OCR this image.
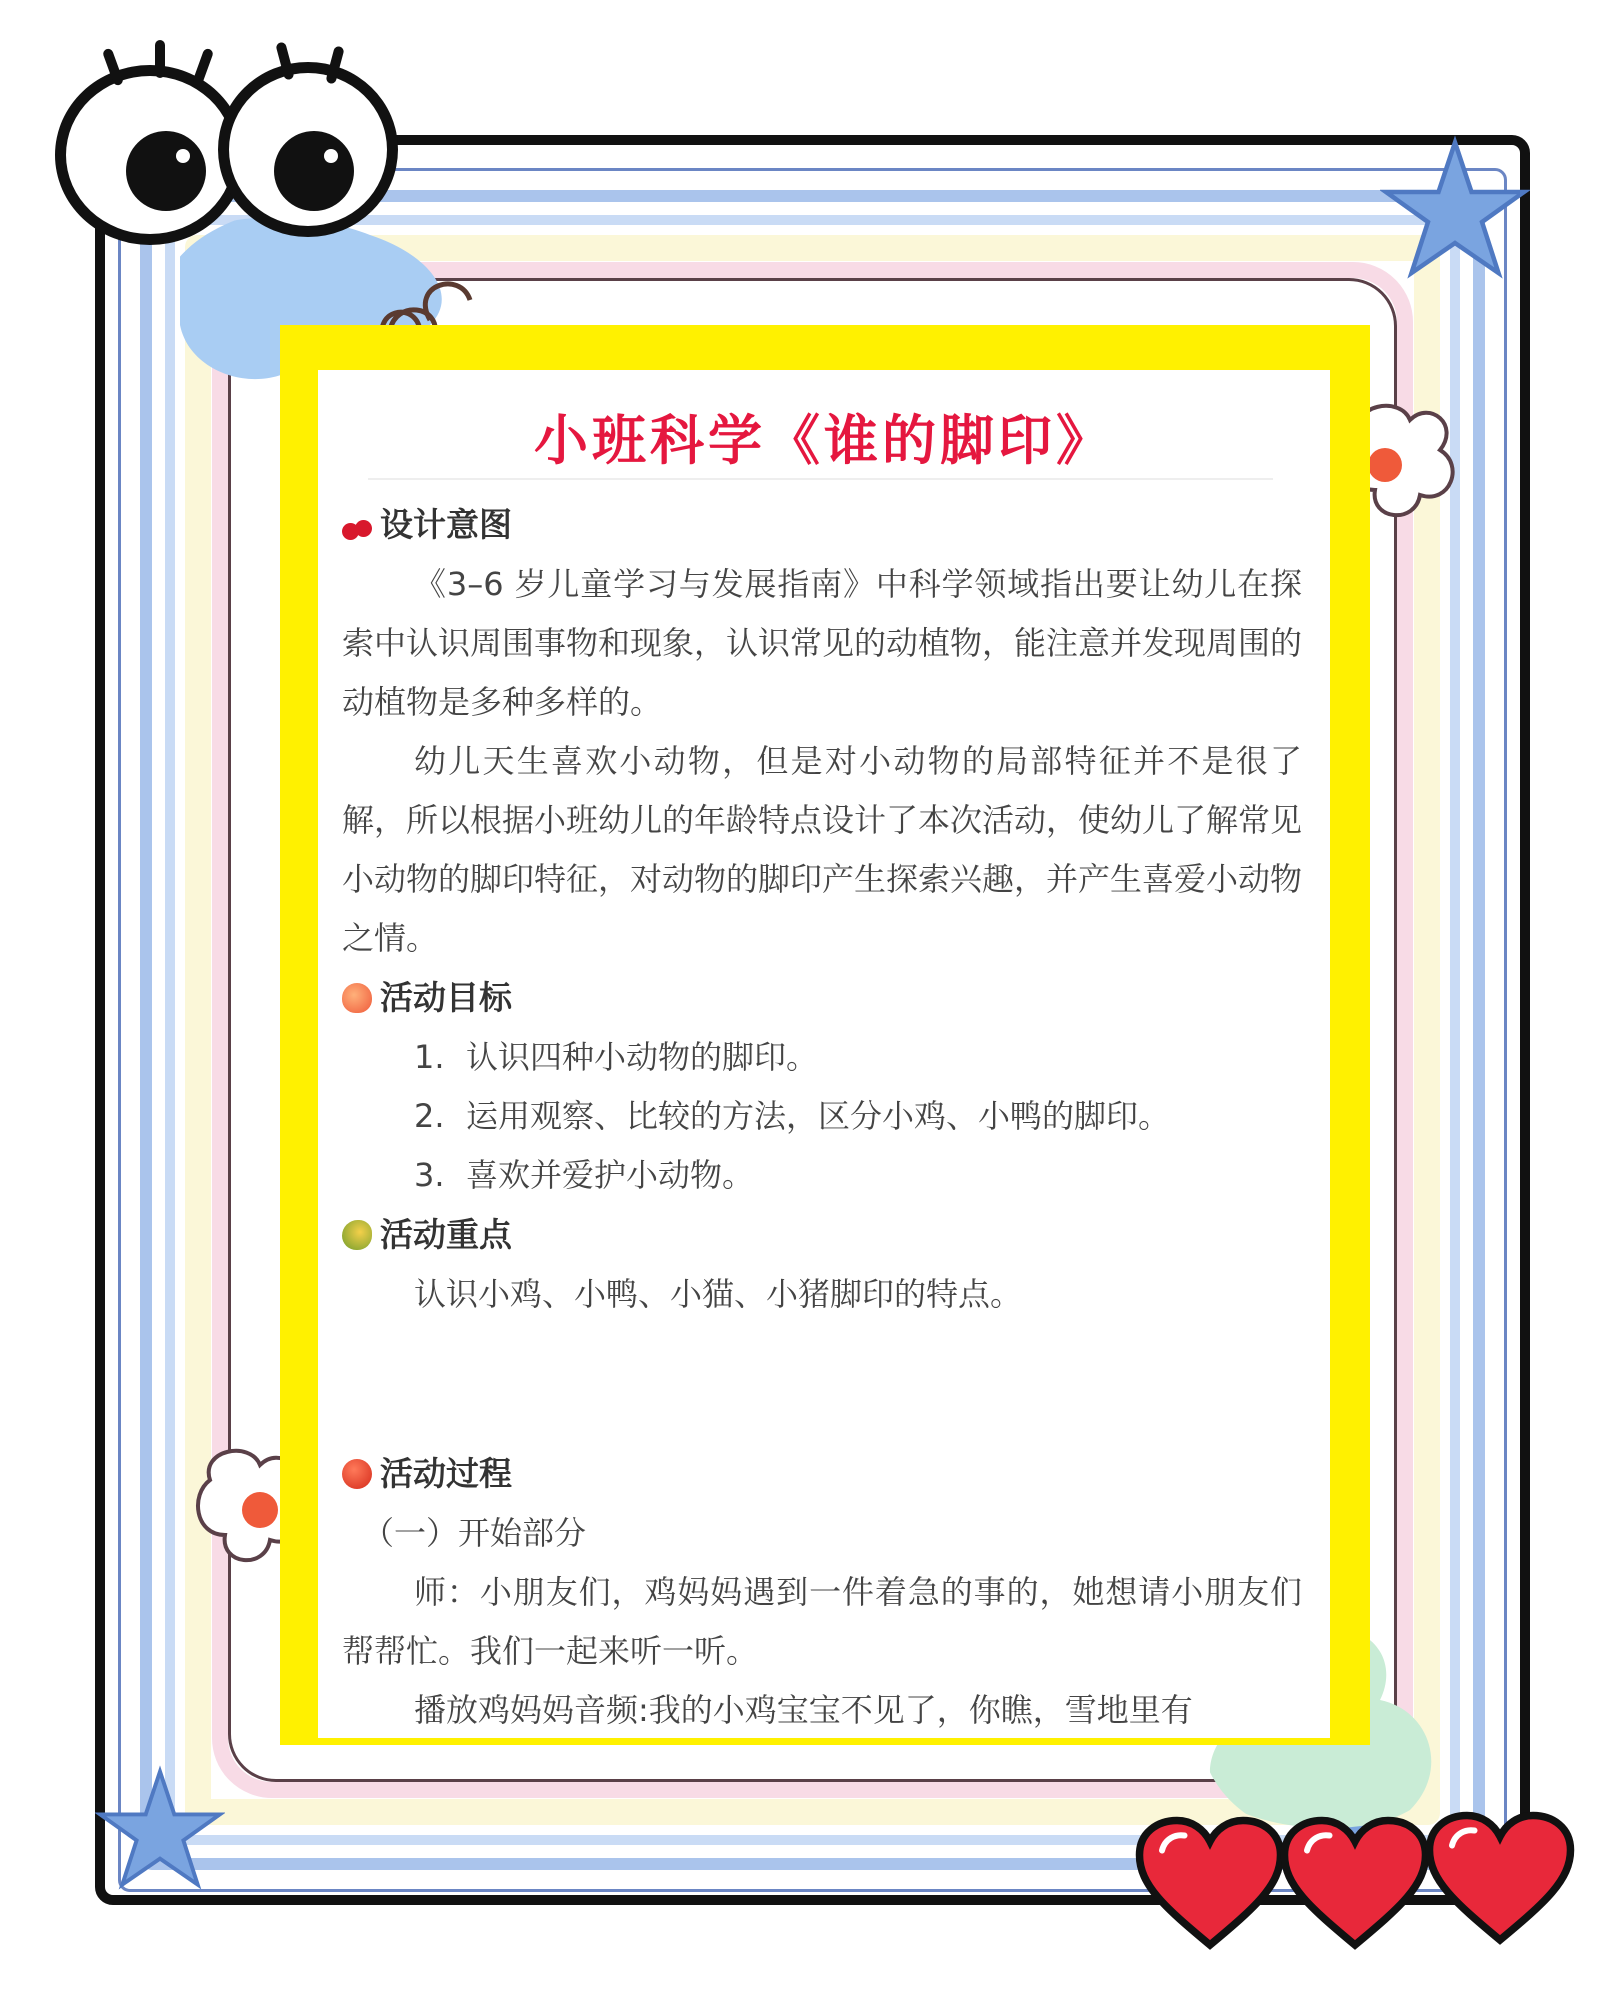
小班科学《谁的脚印》
设计意图
《3–6 岁儿童学习与发展指南》中科学领域指出要让幼儿在探索中认识周围事物和现象，认识常见的动植物，能注意并发现周围的动植物是多种多样的。
幼儿天生喜欢小动物，但是对小动物的局部特征并不是很了解，所以根据小班幼儿的年龄特点设计了本次活动，使幼儿了解常见小动物的脚印特征，对动物的脚印产生探索兴趣，并产生喜爱小动物之情。
活动目标
1. 认识四种小动物的脚印。
2. 运用观察、比较的方法，区分小鸡、小鸭的脚印。
3. 喜欢并爱护小动物。
活动重点
认识小鸡、小鸭、小猫、小猪脚印的特点。
活动过程
（一）开始部分
师：小朋友们，鸡妈妈遇到一件着急的事的，她想请小朋友们帮帮忙。我们一起来听一听。
播放鸡妈妈音频:我的小鸡宝宝不见了，你瞧，雪地里有
